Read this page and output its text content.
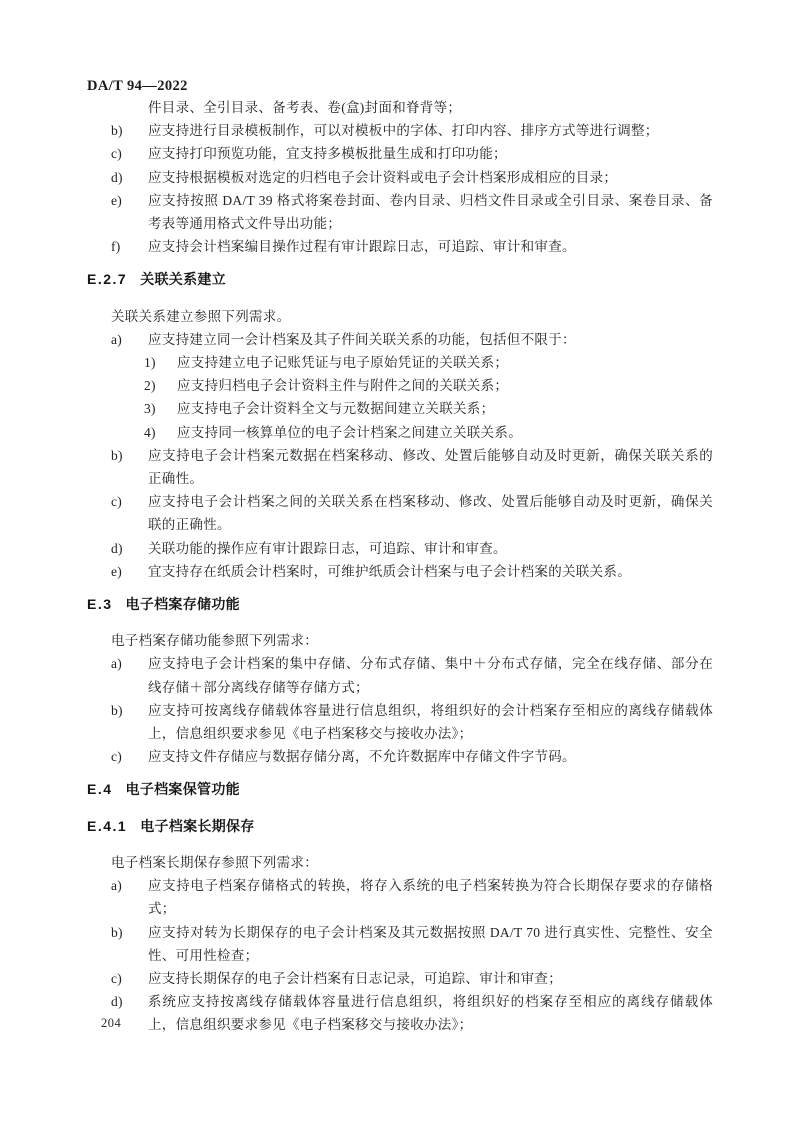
DA/T 94—2022
件目录、全引目录、备考表、卷(盒)封面和脊背等；
b)	应支持进行目录模板制作，可以对模板中的字体、打印内容、排序方式等进行调整；
c)	应支持打印预览功能，宜支持多模板批量生成和打印功能；
d)	应支持根据模板对选定的归档电子会计资料或电子会计档案形成相应的目录；
e)	应支持按照 DA/T 39 格式将案卷封面、卷内目录、归档文件目录或全引目录、案卷目录、备考表等通用格式文件导出功能；
f)	应支持会计档案编目操作过程有审计跟踪日志，可追踪、审计和审查。
E.2.7 关联关系建立
关联关系建立参照下列需求。
a)	应支持建立同一会计档案及其子件间关联关系的功能，包括但不限于：
1)	应支持建立电子记账凭证与电子原始凭证的关联关系；
2)	应支持归档电子会计资料主件与附件之间的关联关系；
3)	应支持电子会计资料全文与元数据间建立关联关系；
4)	应支持同一核算单位的电子会计档案之间建立关联关系。
b)	应支持电子会计档案元数据在档案移动、修改、处置后能够自动及时更新，确保关联关系的正确性。
c)	应支持电子会计档案之间的关联关系在档案移动、修改、处置后能够自动及时更新，确保关联的正确性。
d)	关联功能的操作应有审计跟踪日志，可追踪、审计和审查。
e)	宜支持存在纸质会计档案时，可维护纸质会计档案与电子会计档案的关联关系。
E.3 电子档案存储功能
电子档案存储功能参照下列需求：
a)	应支持电子会计档案的集中存储、分布式存储、集中＋分布式存储，完全在线存储、部分在线存储＋部分离线存储等存储方式；
b)	应支持可按离线存储载体容量进行信息组织，将组织好的会计档案存至相应的离线存储载体上，信息组织要求参见《电子档案移交与接收办法》；
c)	应支持文件存储应与数据存储分离，不允许数据库中存储文件字节码。
E.4 电子档案保管功能
E.4.1 电子档案长期保存
电子档案长期保存参照下列需求：
a)	应支持电子档案存储格式的转换，将存入系统的电子档案转换为符合长期保存要求的存储格式；
b)	应支持对转为长期保存的电子会计档案及其元数据按照 DA/T 70 进行真实性、完整性、安全性、可用性检查；
c)	应支持长期保存的电子会计档案有日志记录，可追踪、审计和审查；
d)	系统应支持按离线存储载体容量进行信息组织，将组织好的档案存至相应的离线存储载体上，信息组织要求参见《电子档案移交与接收办法》；
204
